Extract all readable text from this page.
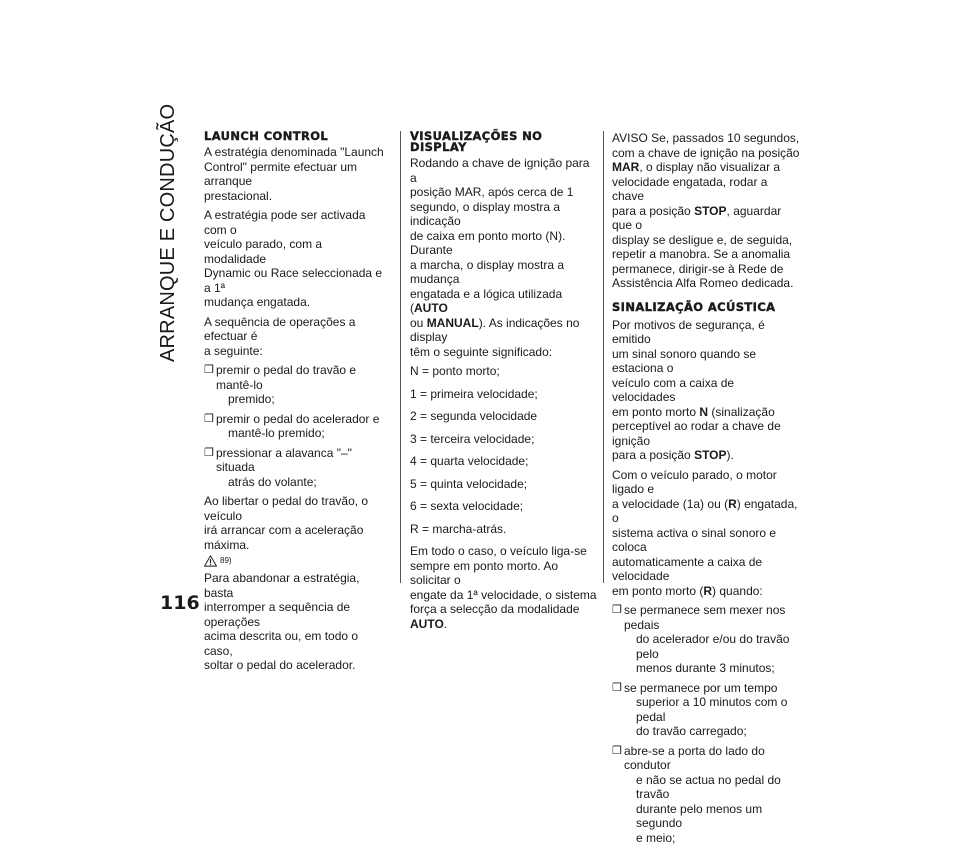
ARRANQUE E CONDUÇÃO
116
LAUNCH CONTROL

A estratégia denominada "Launch
Control" permite efectuar um arranque
prestacional.

A estratégia pode ser activada com o
veículo parado, com a modalidade
Dynamic ou Race seleccionada e a 1ª
mudança engatada.

A sequência de operações a efectuar é
a seguinte:

❒ premir o pedal do travão e mantê-lo
premido;
❒ premir o pedal do acelerador e
mantê-lo premido;
❒ pressionar a alavanca "–" situada
atrás do volante;

Ao libertar o pedal do travão, o veículo
irá arrancar com a aceleração máxima.

89)

Para abandonar a estratégia, basta
interromper a sequência de operações
acima descrita ou, em todo o caso,
soltar o pedal do acelerador.

VISUALIZAÇÕES NO
DISPLAY

Rodando a chave de ignição para a
posição MAR, após cerca de 1
segundo, o display mostra a indicação
de caixa em ponto morto (N). Durante
a marcha, o display mostra a mudança
engatada e a lógica utilizada (AUTO
ou MANUAL). As indicações no display
têm o seguinte significado:

N = ponto morto;

1 = primeira velocidade;

2 = segunda velocidade

3 = terceira velocidade;

4 = quarta velocidade;

5 = quinta velocidade;

6 = sexta velocidade;

R = marcha-atrás.

Em todo o caso, o veículo liga-se
sempre em ponto morto. Ao solicitar o
engate da 1ª velocidade, o sistema
força a selecção da modalidade AUTO.

AVISO Se, passados 10 segundos,
com a chave de ignição na posição
MAR, o display não visualizar a
velocidade engatada, rodar a chave
para a posição STOP, aguardar que o
display se desligue e, de seguida,
repetir a manobra. Se a anomalia
permanece, dirigir-se à Rede de
Assistência Alfa Romeo dedicada.

SINALIZAÇÃO ACÚSTICA

Por motivos de segurança, é emitido
um sinal sonoro quando se estaciona o
veículo com a caixa de velocidades
em ponto morto N (sinalização
perceptível ao rodar a chave de ignição
para a posição STOP).

Com o veículo parado, o motor ligado e
a velocidade (1a) ou (R) engatada, o
sistema activa o sinal sonoro e coloca
automaticamente a caixa de velocidade
em ponto morto (R) quando:

❒ se permanece sem mexer nos pedais
do acelerador e/ou do travão pelo
menos durante 3 minutos;
❒ se permanece por um tempo
superior a 10 minutos com o pedal
do travão carregado;
❒ abre-se a porta do lado do condutor
e não se actua no pedal do travão
durante pelo menos um segundo
e meio;
